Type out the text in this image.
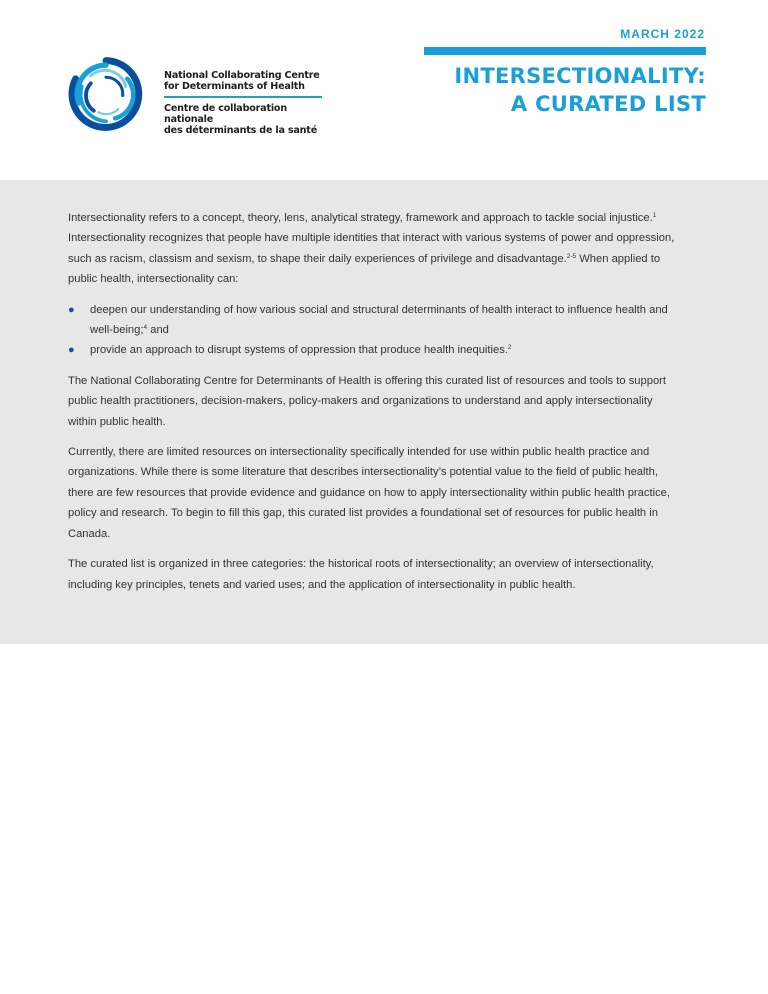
National Collaborating Centre
for Determinants of Health
Centre de collaboration nationale
des déterminants de la santé
MARCH 2022
INTERSECTIONALITY:
A CURATED LIST

Intersectionality refers to a concept, theory, lens, analytical strategy, framework and approach to tackle social injustice.$^1$ Intersectionality recognizes that people have multiple identities that interact with various systems of power and oppression, such as racism, classism and sexism, to shape their daily experiences of privilege and disadvantage.$^{2-5}$ When applied to public health, intersectionality can:

● deepen our understanding of how various social and structural determinants of health interact to influence health and well-being;$^4$ and
● provide an approach to disrupt systems of oppression that produce health inequities.$^2$

The National Collaborating Centre for Determinants of Health is offering this curated list of resources and tools to support public health practitioners, decision-makers, policy-makers and organizations to understand and apply intersectionality within public health.

Currently, there are limited resources on intersectionality specifically intended for use within public health practice and organizations. While there is some literature that describes intersectionality’s potential value to the field of public health, there are few resources that provide evidence and guidance on how to apply intersectionality within public health practice, policy and research. To begin to fill this gap, this curated list provides a foundational set of resources for public health in Canada.

The curated list is organized in three categories: the historical roots of intersectionality; an overview of intersectionality, including key principles, tenets and varied uses; and the application of intersectionality in public health.
